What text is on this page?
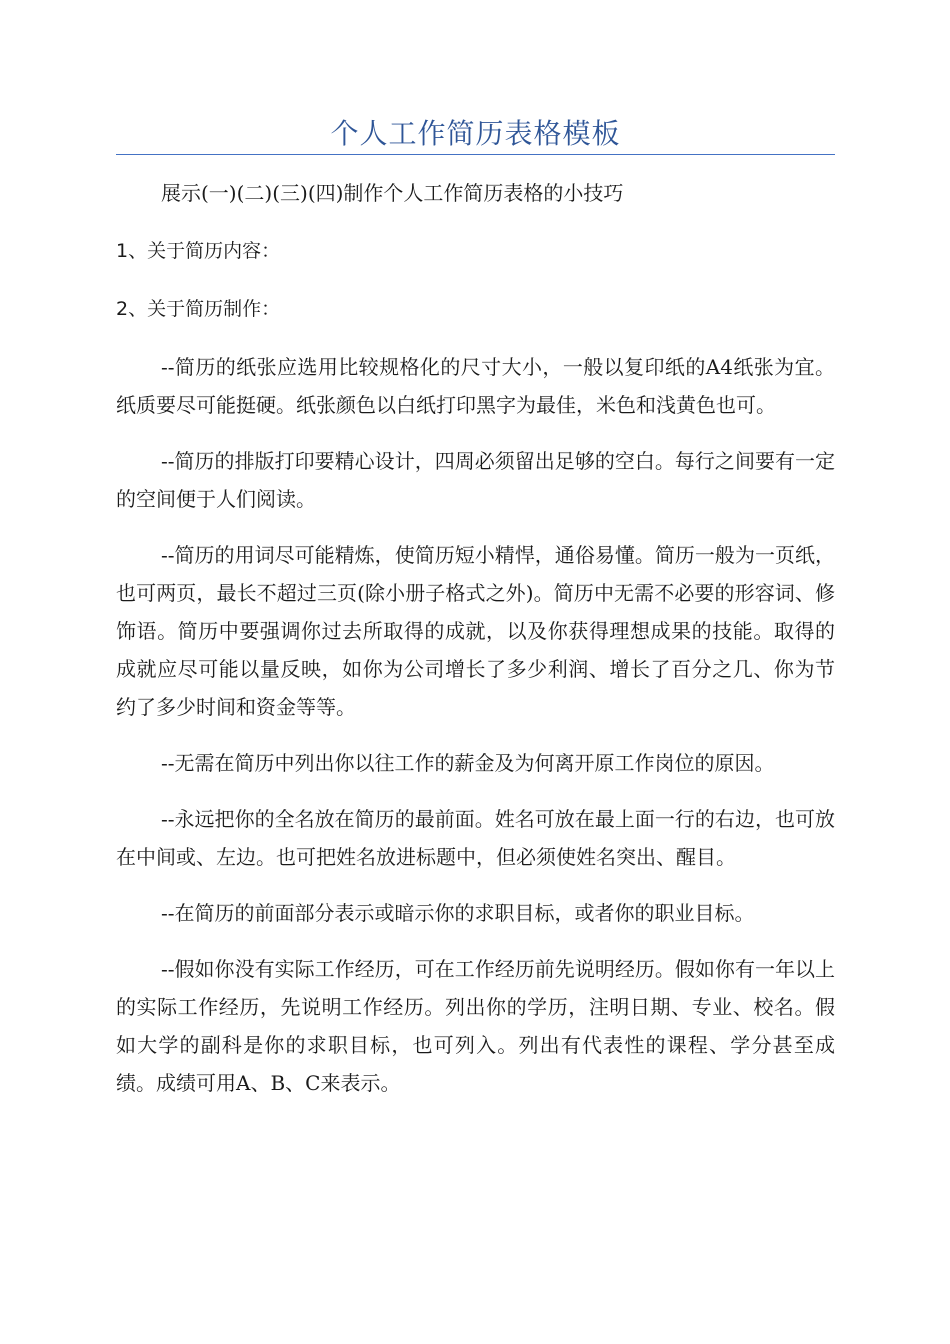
个人工作简历表格模板

展示(一)(二)(三)(四)制作个人工作简历表格的小技巧

1、关于简历内容：

2、关于简历制作：

--简历的纸张应选用比较规格化的尺寸大小，一般以复印纸的A4纸张为宜。纸质要尽可能挺硬。纸张颜色以白纸打印黑字为最佳，米色和浅黄色也可。

--简历的排版打印要精心设计，四周必须留出足够的空白。每行之间要有一定的空间便于人们阅读。

--简历的用词尽可能精炼，使简历短小精悍，通俗易懂。简历一般为一页纸，也可两页，最长不超过三页(除小册子格式之外)。简历中无需不必要的形容词、修饰语。简历中要强调你过去所取得的成就，以及你获得理想成果的技能。取得的成就应尽可能以量反映，如你为公司增长了多少利润、增长了百分之几、你为节约了多少时间和资金等等。

--无需在简历中列出你以往工作的薪金及为何离开原工作岗位的原因。

--永远把你的全名放在简历的最前面。姓名可放在最上面一行的右边，也可放在中间或、左边。也可把姓名放进标题中，但必须使姓名突出、醒目。

--在简历的前面部分表示或暗示你的求职目标，或者你的职业目标。

--假如你没有实际工作经历，可在工作经历前先说明经历。假如你有一年以上的实际工作经历，先说明工作经历。列出你的学历，注明日期、专业、校名。假如大学的副科是你的求职目标，也可列入。列出有代表性的课程、学分甚至成绩。成绩可用A、B、C来表示。
